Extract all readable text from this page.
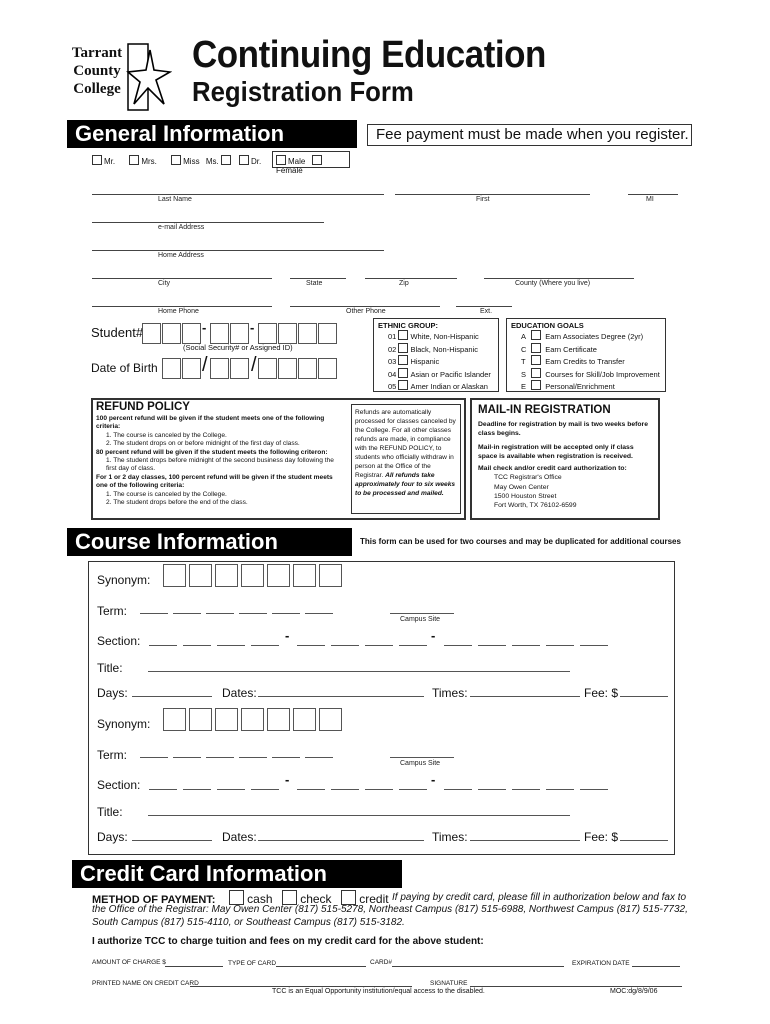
Tarrant
County
College
Continuing Education
Registration Form
General Information	Fee payment must be made when you register.
Mr.	Mrs.	Miss Ms.	Dr.	Male Female
Last Name	First	MI
e-mail Address
Home Address
City	State	Zip	County (Where you live)
Home Phone	Other Phone	Ext.
Student#	-	-
(Social Security# or Assigned ID)
Date of Birth / /
ETHNIC GROUP:
01 White, Non-Hispanic
02 Black, Non-Hispanic
03 Hispanic
04 Asian or Pacific Islander
05 Amer Indian or Alaskan
EDUCATION GOALS
A	Earn Associates Degree (2yr)
C	Earn Certificate
T	Earn Credits to Transfer
S	Courses for Skill/Job Improvement
E	Personal/Enrichment
REFUND POLICY
100 percent refund will be given if the student meets one of the following criteria:
1. The course is canceled by the College.
2. The student drops on or before midnight of the first day of class.
80 percent refund will be given if the student meets the following criteron:
1. The student drops before midnight of the second business day following the first day of class.
For 1 or 2 day classes, 100 percent refund will be given if the student meets one of the following criteria:
1. The course is canceled by the College.
2. The student drops before the end of the class.
Refunds are automatically processed for classes canceled by the College. For all other classes refunds are made, in compliance with the REFUND POLICY, to students who officially withdraw in person at the Office of the Registrar. All refunds take approximately four to six weeks to be processed and mailed.
MAIL-IN REGISTRATION
Deadline for registration by mail is two weeks before class begins.
Mail-in registration will be accepted only if class space is available when registration is received.
Mail check and/or credit card authorization to:
TCC Registrar's Office
May Owen Center
1500 Houston Street
Fort Worth, TX 76102-6599
Course Information	This form can be used for two courses and may be duplicated for additional courses
Synonym:
Term:
Campus Site
Section:	-	-
Title:
Days:	Dates:	Times:	Fee: $
Synonym:
Term:
Campus Site
Section:	-	-
Title:
Days:	Dates:	Times:	Fee: $
Credit Card Information
METHOD OF PAYMENT:	cash check credit If paying by credit card, please fill in authorization below and fax to the Office of the Registrar: May Owen Center (817) 515-5278, Northeast Campus (817) 515-6988, Northwest Campus (817) 515-7732, South Campus (817) 515-4110, or Southeast Campus (817) 515-3182.
I authorize TCC to charge tuition and fees on my credit card for the above student:
AMOUNT OF CHARGE $	TYPE OF CARD	CARD#	EXPIRATION DATE
PRINTED NAME ON CREDIT CARD	SIGNATURE
TCC is an Equal Opportunity institution/equal access to the disabled.	MOC:dg/8/9/06
